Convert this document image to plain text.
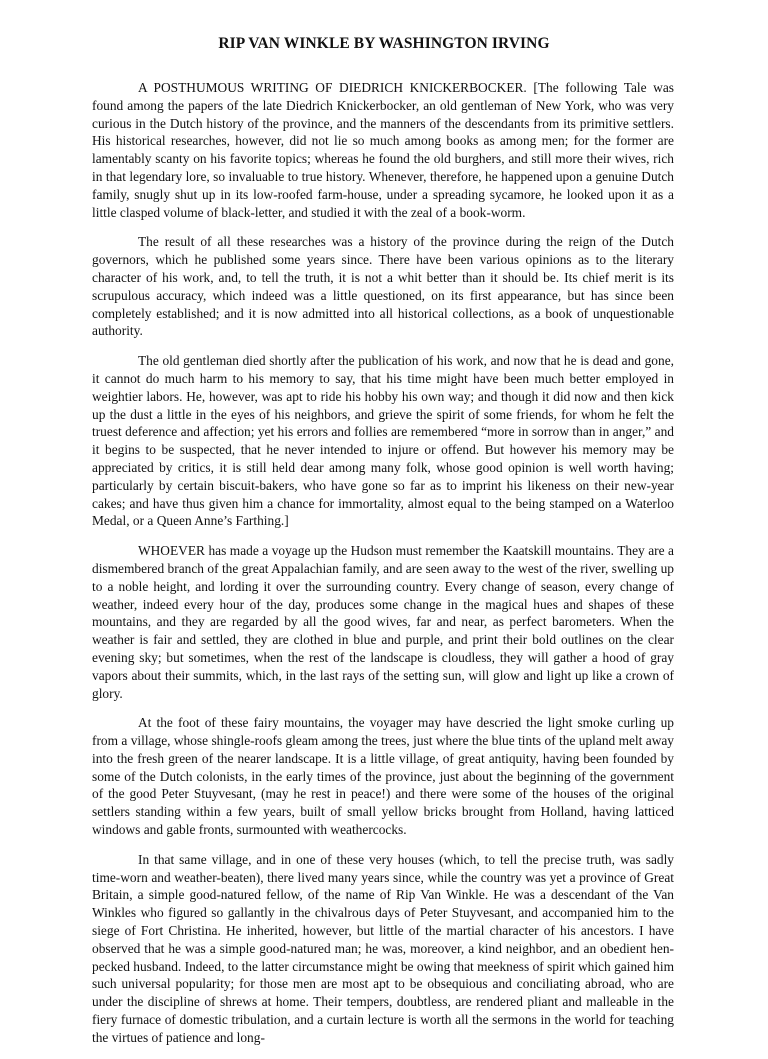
RIP VAN WINKLE BY WASHINGTON IRVING

A POSTHUMOUS WRITING OF DIEDRICH KNICKERBOCKER. [The following Tale was found among the papers of the late Diedrich Knickerbocker, an old gentleman of New York, who was very curious in the Dutch history of the province, and the manners of the descendants from its primitive settlers. His historical researches, however, did not lie so much among books as among men; for the former are lamentably scanty on his favorite topics; whereas he found the old burghers, and still more their wives, rich in that legendary lore, so invaluable to true history. Whenever, therefore, he happened upon a genuine Dutch family, snugly shut up in its low-roofed farm-house, under a spreading sycamore, he looked upon it as a little clasped volume of black-letter, and studied it with the zeal of a book-worm.

The result of all these researches was a history of the province during the reign of the Dutch governors, which he published some years since. There have been various opinions as to the literary character of his work, and, to tell the truth, it is not a whit better than it should be. Its chief merit is its scrupulous accuracy, which indeed was a little questioned, on its first appearance, but has since been completely established; and it is now admitted into all historical collections, as a book of unquestionable authority.

The old gentleman died shortly after the publication of his work, and now that he is dead and gone, it cannot do much harm to his memory to say, that his time might have been much better employed in weightier labors. He, however, was apt to ride his hobby his own way; and though it did now and then kick up the dust a little in the eyes of his neighbors, and grieve the spirit of some friends, for whom he felt the truest deference and affection; yet his errors and follies are remembered “more in sorrow than in anger,” and it begins to be suspected, that he never intended to injure or offend. But however his memory may be appreciated by critics, it is still held dear among many folk, whose good opinion is well worth having; particularly by certain biscuit-bakers, who have gone so far as to imprint his likeness on their new-year cakes; and have thus given him a chance for immortality, almost equal to the being stamped on a Waterloo Medal, or a Queen Anne’s Farthing.]

WHOEVER has made a voyage up the Hudson must remember the Kaatskill mountains. They are a dismembered branch of the great Appalachian family, and are seen away to the west of the river, swelling up to a noble height, and lording it over the surrounding country. Every change of season, every change of weather, indeed every hour of the day, produces some change in the magical hues and shapes of these mountains, and they are regarded by all the good wives, far and near, as perfect barometers. When the weather is fair and settled, they are clothed in blue and purple, and print their bold outlines on the clear evening sky; but sometimes, when the rest of the landscape is cloudless, they will gather a hood of gray vapors about their summits, which, in the last rays of the setting sun, will glow and light up like a crown of glory.

At the foot of these fairy mountains, the voyager may have descried the light smoke curling up from a village, whose shingle-roofs gleam among the trees, just where the blue tints of the upland melt away into the fresh green of the nearer landscape. It is a little village, of great antiquity, having been founded by some of the Dutch colonists, in the early times of the province, just about the beginning of the government of the good Peter Stuyvesant, (may he rest in peace!) and there were some of the houses of the original settlers standing within a few years, built of small yellow bricks brought from Holland, having latticed windows and gable fronts, surmounted with weathercocks.

In that same village, and in one of these very houses (which, to tell the precise truth, was sadly time-worn and weather-beaten), there lived many years since, while the country was yet a province of Great Britain, a simple good-natured fellow, of the name of Rip Van Winkle. He was a descendant of the Van Winkles who figured so gallantly in the chivalrous days of Peter Stuyvesant, and accompanied him to the siege of Fort Christina. He inherited, however, but little of the martial character of his ancestors. I have observed that he was a simple good-natured man; he was, moreover, a kind neighbor, and an obedient hen-pecked husband. Indeed, to the latter circumstance might be owing that meekness of spirit which gained him such universal popularity; for those men are most apt to be obsequious and conciliating abroad, who are under the discipline of shrews at home. Their tempers, doubtless, are rendered pliant and malleable in the fiery furnace of domestic tribulation, and a curtain lecture is worth all the sermons in the world for teaching the virtues of patience and long-
